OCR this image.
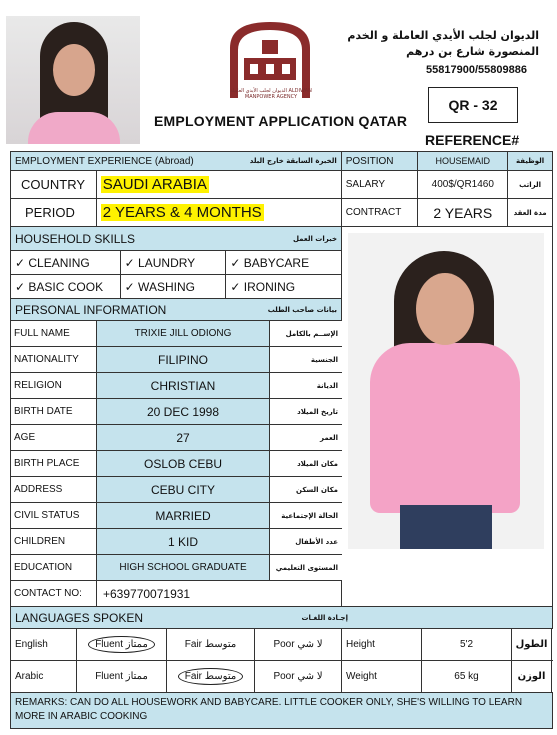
الديوان لجلب الأيدي العاملة ALDIWAN MANPOWER AGENCY
الديوان لجلب الأيدي العاملة و الخدم
المنصورة شارع بن درهم
55817900/55809886
EMPLOYMENT APPLICATION QATAR
QR - 32
REFERENCE#
EMPLOYMENT EXPERIENCE (Abroad)	الخبرة السابقة خارج البلد POSITION	HOUSEMAID	الوظيفة
COUNTRY	SAUDI ARABIA	SALARY	400$/QR1460	الراتب
PERIOD	2 YEARS & 4 MONTHS	CONTRACT	2 YEARS	مدة العقد
HOUSEHOLD SKILLS	خبرات العمل
✓ CLEANING	✓ LAUNDRY	✓ BABYCARE
✓ BASIC COOK	✓ WASHING	✓ IRONING
PERSONAL INFORMATION	بيانات صاحب الطلب
FULL NAME	TRIXIE JILL ODIONG	الإســم بالكامل
NATIONALITY	FILIPINO	الجنسية
RELIGION	CHRISTIAN	الديانة
BIRTH DATE	20 DEC 1998	تاريخ الميلاد
AGE	27	العمر
BIRTH PLACE	OSLOB CEBU	مكان الميلاد
ADDRESS	CEBU CITY	مكان السكن
CIVIL STATUS	MARRIED	الحالة الإجتماعية
CHILDREN	1 KID	عدد الأطفال
EDUCATION	HIGH SCHOOL GRADUATE	المستوى التعليمي
CONTACT NO:	+639770071931
LANGUAGES SPOKEN	إجـادة اللغـات
English	Fluent ممتاز	Fair متوسط	Poor لا شي	Height	5'2	الطول
Arabic	Fluent ممتاز	Fair متوسط	Poor لا شي	Weight	65 kg	الوزن
REMARKS: CAN DO ALL HOUSEWORK AND BABYCARE. LITTLE COOKER ONLY, SHE'S WILLING TO LEARN MORE IN ARABIC COOKING
